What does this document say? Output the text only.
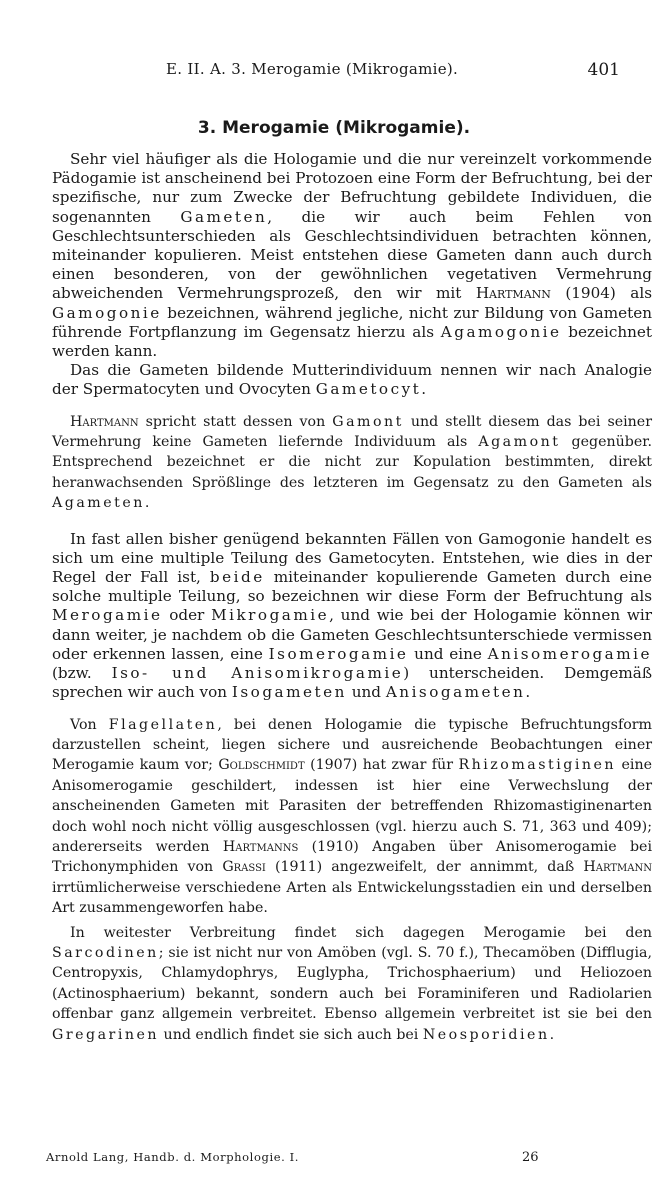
E. II. A. 3. Merogamie (Mikrogamie).	401
3. Merogamie (Mikrogamie).

Sehr viel häufiger als die Hologamie und die nur vereinzelt vorkommende Pädogamie ist anscheinend bei Protozoen eine Form der Befruchtung, bei der spezifische, nur zum Zwecke der Befruchtung gebildete Individuen, die sogenannten Gameten, die wir auch beim Fehlen von Geschlechtsunterschieden als Geschlechtsindividuen betrachten können, miteinander kopulieren. Meist entstehen diese Gameten dann auch durch einen besonderen, von der gewöhnlichen vegetativen Vermehrung abweichenden Vermehrungsprozeß, den wir mit Hartmann (1904) als Gamogonie bezeichnen, während jegliche, nicht zur Bildung von Gameten führende Fortpflanzung im Gegensatz hierzu als Agamogonie bezeichnet werden kann.

Das die Gameten bildende Mutterindividuum nennen wir nach Analogie der Spermatocyten und Ovocyten Gametocyt.

Hartmann spricht statt dessen von Gamont und stellt diesem das bei seiner Vermehrung keine Gameten liefernde Individuum als Agamont gegenüber. Entsprechend bezeichnet er die nicht zur Kopulation bestimmten, direkt heranwachsenden Sprößlinge des letzteren im Gegensatz zu den Gameten als Agameten.

In fast allen bisher genügend bekannten Fällen von Gamogonie handelt es sich um eine multiple Teilung des Gametocyten. Entstehen, wie dies in der Regel der Fall ist, beide miteinander kopulierende Gameten durch eine solche multiple Teilung, so bezeichnen wir diese Form der Befruchtung als Merogamie oder Mikrogamie, und wie bei der Hologamie können wir dann weiter, je nachdem ob die Gameten Geschlechtsunterschiede vermissen oder erkennen lassen, eine Isomerogamie und eine Anisomerogamie (bzw. Iso- und Anisomikrogamie) unterscheiden. Demgemäß sprechen wir auch von Isogameten und Anisogameten.

Von Flagellaten, bei denen Hologamie die typische Befruchtungsform darzustellen scheint, liegen sichere und ausreichende Beobachtungen einer Merogamie kaum vor; Goldschmidt (1907) hat zwar für Rhizomastiginen eine Anisomerogamie geschildert, indessen ist hier eine Verwechslung der anscheinenden Gameten mit Parasiten der betreffenden Rhizomastiginenarten doch wohl noch nicht völlig ausgeschlossen (vgl. hierzu auch S. 71, 363 und 409); andererseits werden Hartmanns (1910) Angaben über Anisomerogamie bei Trichonymphiden von Grassi (1911) angezweifelt, der annimmt, daß Hartmann irrtümlicherweise verschiedene Arten als Entwickelungsstadien ein und derselben Art zusammengeworfen habe.

In weitester Verbreitung findet sich dagegen Merogamie bei den Sarcodinen; sie ist nicht nur von Amöben (vgl. S. 70 f.), Thecamöben (Difflugia, Centropyxis, Chlamydophrys, Euglypha, Trichosphaerium) und Heliozoen (Actinosphaerium) bekannt, sondern auch bei Foraminiferen und Radiolarien offenbar ganz allgemein verbreitet. Ebenso allgemein verbreitet ist sie bei den Gregarinen und endlich findet sie sich auch bei Neosporidien.

Arnold Lang, Handb. d. Morphologie. I.	26
